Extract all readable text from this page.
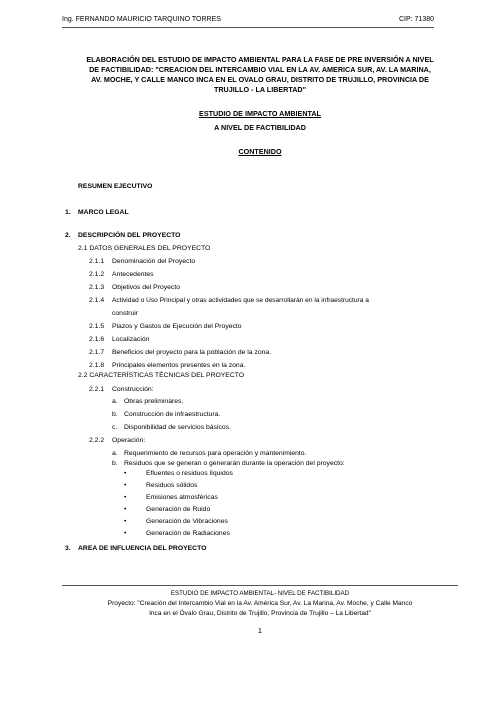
Ing. FERNANDO MAURICIO TARQUINO TORRES	CIP: 71380
ELABORACIÓN DEL ESTUDIO DE IMPACTO AMBIENTAL PARA LA FASE DE PRE INVERSIÓN A NIVEL
DE FACTIBILIDAD: "CREACION DEL INTERCAMBIO VIAL EN LA AV. AMERICA SUR, AV. LA MARINA,
AV. MOCHE, Y CALLE MANCO INCA EN EL OVALO GRAU, DISTRITO DE TRUJILLO, PROVINCIA DE
TRUJILLO - LA LIBERTAD"
ESTUDIO DE IMPACTO AMBIENTAL
A NIVEL DE FACTIBILIDAD
CONTENIDO
RESUMEN EJECUTIVO
1. MARCO LEGAL
2. DESCRIPCIÓN DEL PROYECTO
2.1 DATOS GENERALES DEL PROYECTO
2.1.1 Denominación del Proyecto
2.1.2 Antecedentes
2.1.3 Objetivos del Proyecto
2.1.4 Actividad o Uso Principal y otras actividades que se desarrollarán en la infraestructura a
construir
2.1.5 Plazos y Gastos de Ejecución del Proyecto
2.1.6 Localización
2.1.7 Beneficios del proyecto para la población de la zona.
2.1.8 Principales elementos presentes en la zona.
2.2 CARACTERÍSTICAS TÉCNICAS DEL PROYECTO
2.2.1 Construcción:
a. Obras preliminares.
b. Construcción de infraestructura.
c. Disponibilidad de servicios básicos.
2.2.2 Operación:
a. Requerimiento de recursos para operación y mantenimiento.
b. Residuos que se generan o generarán durante la operación del proyecto:
•	Efluentes o residuos líquidos
•	Residuos sólidos
•	Emisiones atmosféricas
•	Generación de Ruido
•	Generación de Vibraciones
•	Generación de Radiaciones
3. AREA DE INFLUENCIA DEL PROYECTO
ESTUDIO DE IMPACTO AMBIENTAL- NIVEL DE FACTIBILIDAD
Proyecto: "Creación del Intercambio Vial en la Av. América Sur, Av. La Marina, Av. Moche, y Calle Manco
Inca en el Óvalo Grau, Distrito de Trujillo, Provincia de Trujillo – La Libertad"
1
